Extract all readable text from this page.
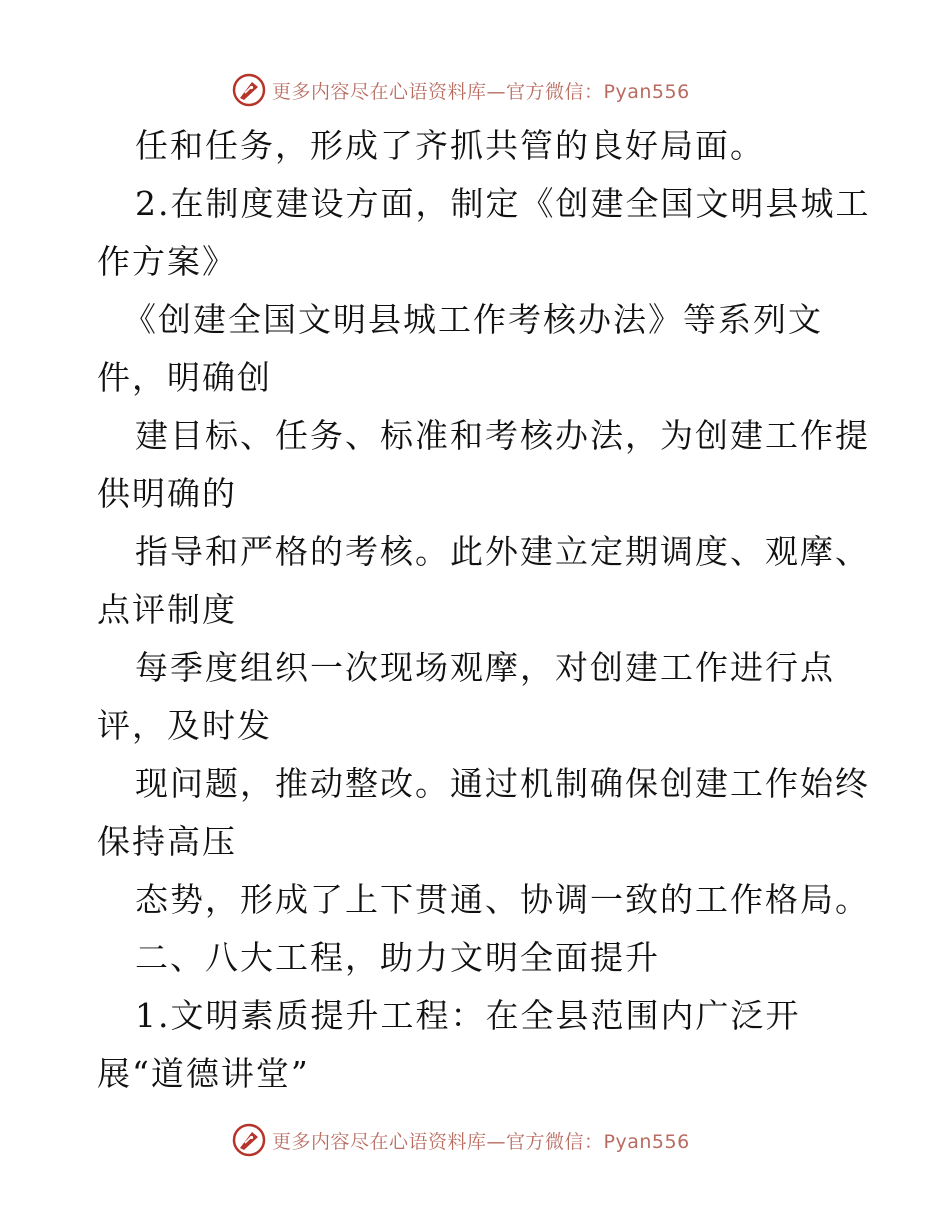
更多内容尽在心语资料库—官方微信：Pyan556
任和任务，形成了齐抓共管的良好局面。
2.在制度建设方面，制定《创建全国文明县城工
作方案》
《创建全国文明县城工作考核办法》等系列文
件，明确创
建目标、任务、标准和考核办法，为创建工作提
供明确的
指导和严格的考核。此外建立定期调度、观摩、
点评制度
每季度组织一次现场观摩，对创建工作进行点
评，及时发
现问题，推动整改。通过机制确保创建工作始终
保持高压
态势，形成了上下贯通、协调一致的工作格局。
二、八大工程，助力文明全面提升
1.文明素质提升工程：在全县范围内广泛开
展“道德讲堂”
更多内容尽在心语资料库—官方微信：Pyan556
